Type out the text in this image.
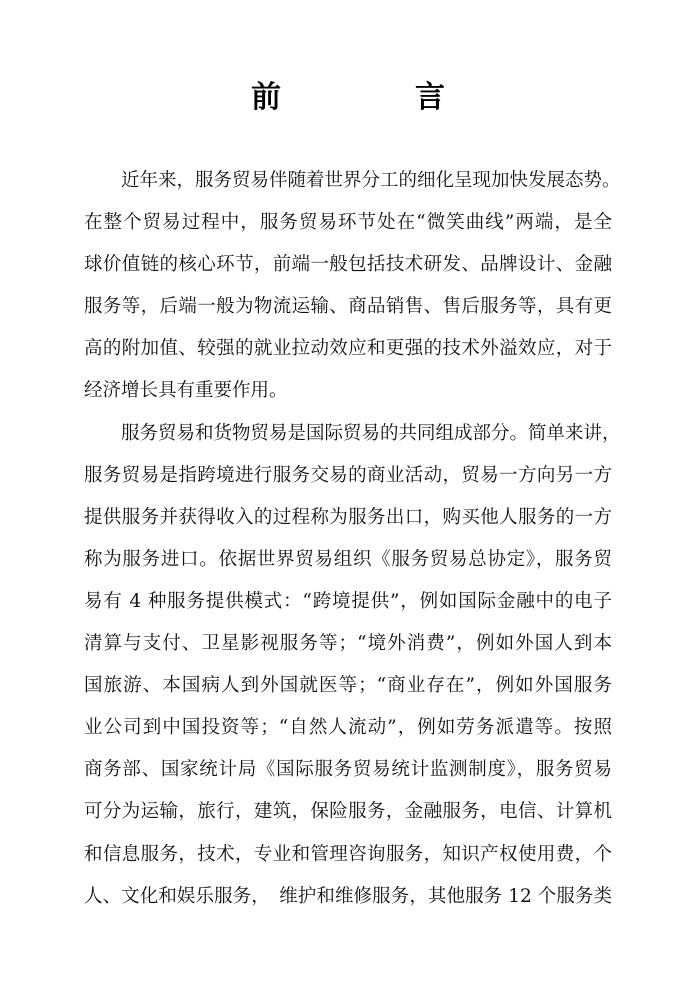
前　言
近年来，服务贸易伴随着世界分工的细化呈现加快发展态势。
在整个贸易过程中，服务贸易环节处在“微笑曲线”两端，是全
球价值链的核心环节，前端一般包括技术研发、品牌设计、金融
服务等，后端一般为物流运输、商品销售、售后服务等，具有更
高的附加值、较强的就业拉动效应和更强的技术外溢效应，对于
经济增长具有重要作用。
服务贸易和货物贸易是国际贸易的共同组成部分。简单来讲，
服务贸易是指跨境进行服务交易的商业活动，贸易一方向另一方
提供服务并获得收入的过程称为服务出口，购买他人服务的一方
称为服务进口。依据世界贸易组织《服务贸易总协定》，服务贸
易有 4 种服务提供模式：“跨境提供”，例如国际金融中的电子
清算与支付、卫星影视服务等；“境外消费”，例如外国人到本
国旅游、本国病人到外国就医等；“商业存在”，例如外国服务
业公司到中国投资等；“自然人流动”，例如劳务派遣等。按照
商务部、国家统计局《国际服务贸易统计监测制度》，服务贸易
可分为运输，旅行，建筑，保险服务，金融服务，电信、计算机
和信息服务，技术，专业和管理咨询服务，知识产权使用费，个
人、文化和娱乐服务，　维护和维修服务，其他服务 12 个服务类
